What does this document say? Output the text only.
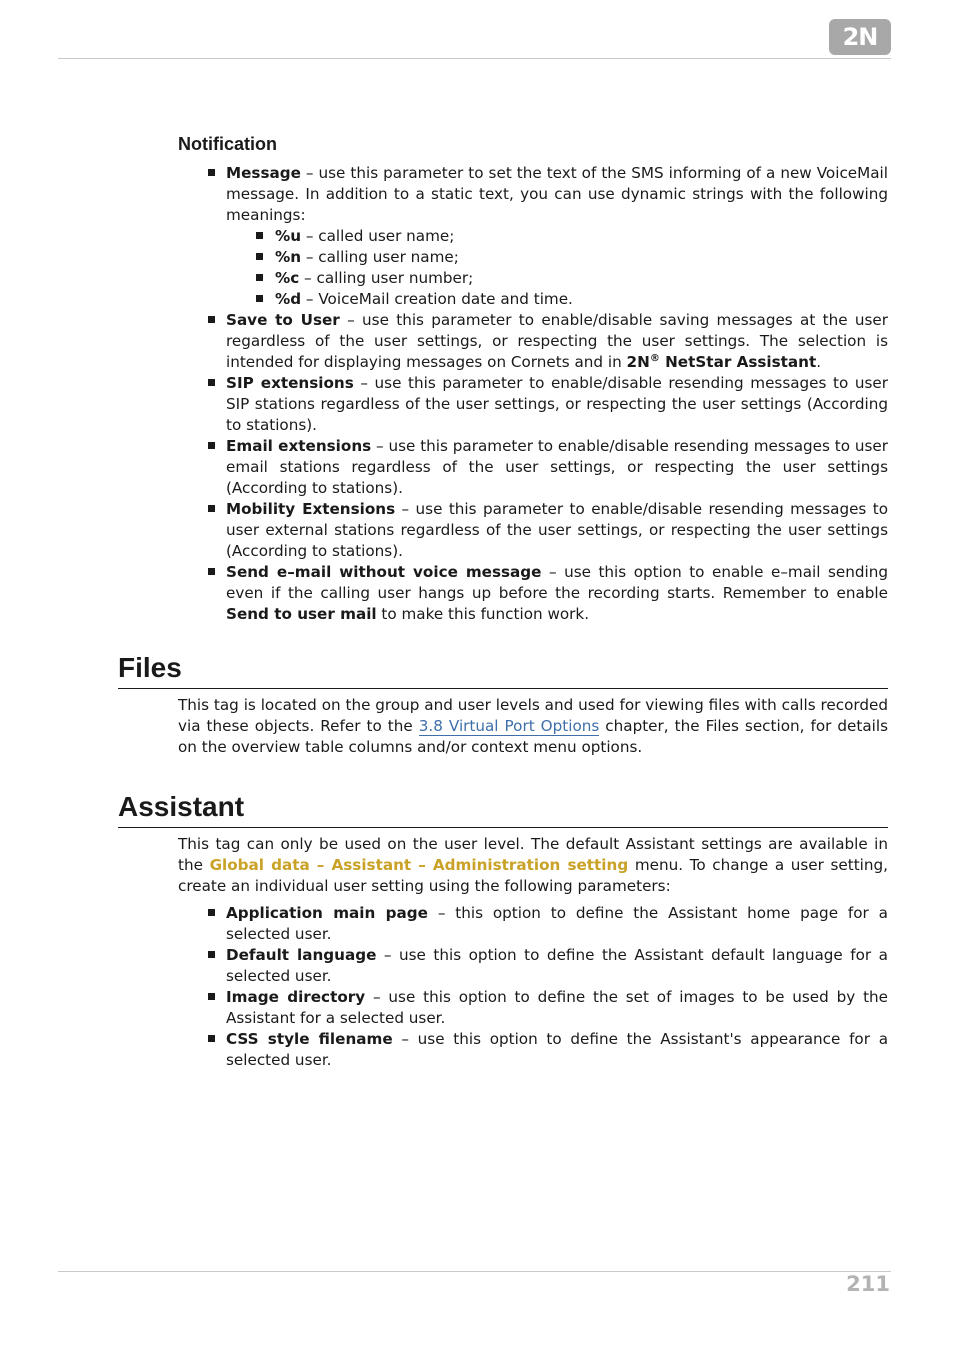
2N
Notification
Message – use this parameter to set the text of the SMS informing of a new VoiceMail message. In addition to a static text, you can use dynamic strings with the following meanings:
%u – called user name;
%n – calling user name;
%c – calling user number;
%d – VoiceMail creation date and time.
Save to User – use this parameter to enable/disable saving messages at the user regardless of the user settings, or respecting the user settings. The selection is intended for displaying messages on Cornets and in 2N® NetStar Assistant.
SIP extensions – use this parameter to enable/disable resending messages to user SIP stations regardless of the user settings, or respecting the user settings (According to stations).
Email extensions – use this parameter to enable/disable resending messages to user email stations regardless of the user settings, or respecting the user settings (According to stations).
Mobility Extensions – use this parameter to enable/disable resending messages to user external stations regardless of the user settings, or respecting the user settings (According to stations).
Send e–mail without voice message – use this option to enable e–mail sending even if the calling user hangs up before the recording starts. Remember to enable Send to user mail to make this function work.
Files

This tag is located on the group and user levels and used for viewing files with calls recorded via these objects. Refer to the 3.8 Virtual Port Options chapter, the Files section, for details on the overview table columns and/or context menu options.

Assistant

This tag can only be used on the user level. The default Assistant settings are available in the Global data – Assistant – Administration setting menu. To change a user setting, create an individual user setting using the following parameters:

Application main page – this option to define the Assistant home page for a selected user.
Default language – use this option to define the Assistant default language for a selected user.
Image directory – use this option to define the set of images to be used by the Assistant for a selected user.
CSS style filename – use this option to define the Assistant's appearance for a selected user.
211
